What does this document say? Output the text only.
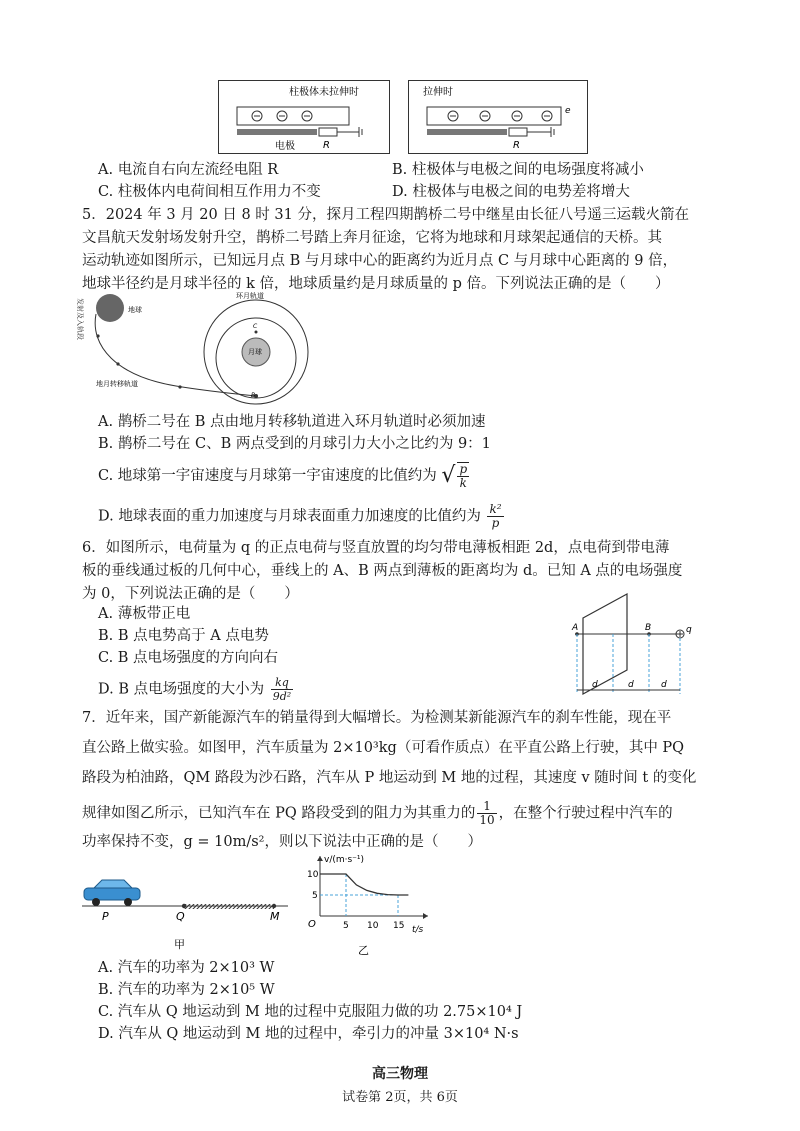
柱极体未拉伸时
电极	R
拉伸时
e
R
A. 电流自右向左流经电阻 R	B. 柱极体与电极之间的电场强度将减小
C. 柱极体内电荷间相互作用力不变	D. 柱极体与电极之间的电势差将增大
5．2024 年 3 月 20 日 8 时 31 分，探月工程四期鹊桥二号中继星由长征八号遥三运载火箭在
文昌航天发射场发射升空，鹊桥二号踏上奔月征途，它将为地球和月球架起通信的天桥。其
运动轨迹如图所示，已知远月点 B 与月球中心的距离约为近月点 C 与月球中心距离的 9 倍，
地球半径约是月球半径的 k 倍，地球质量约是月球质量的 p 倍。下列说法正确的是（　　）
发射及入轨段	地球
地月转移轨道
环月轨道
月球
C
B
A. 鹊桥二号在 B 点由地月转移轨道进入环月轨道时必须加速
B. 鹊桥二号在 C、B 两点受到的月球引力大小之比约为 9：1
C. 地球第一宇宙速度与月球第一宇宙速度的比值约为 √ $\frac{p}{k}$
D. 地球表面的重力加速度与月球表面重力加速度的比值约为 $\frac{\text{k²}}{p}$
6．如图所示，电荷量为 q 的正点电荷与竖直放置的均匀带电薄板相距 2d，点电荷到带电薄
板的垂线通过板的几何中心，垂线上的 A、B 两点到薄板的距离均为 d。已知 A 点的电场强度
为 0，下列说法正确的是（　　）
A. 薄板带正电
B. B 点电势高于 A 点电势
C. B 点电场强度的方向向右
D. B 点电场强度的大小为 $\frac{kq}{\text{9d²}}$
A	B	q
d	d	d
7．近年来，国产新能源汽车的销量得到大幅增长。为检测某新能源汽车的刹车性能，现在平
直公路上做实验。如图甲，汽车质量为 2×10³kg（可看作质点）在平直公路上行驶，其中 PQ
路段为柏油路，QM 路段为沙石路，汽车从 P 地运动到 M 地的过程，其速度 v 随时间 t 的变化
规律如图乙所示，已知汽车在 PQ 路段受到的阻力为其重力的 $\frac{1}{10}$ ，在整个行驶过程中汽车的
功率保持不变，g = 10m/s²，则以下说法中正确的是（　　）
P	Q	M
甲
v/(m·s⁻¹)
t/s
O	5 10 15
5
10
乙
A. 汽车的功率为 2×10³ W
B. 汽车的功率为 2×10⁵ W
C. 汽车从 Q 地运动到 M 地的过程中克服阻力做的功 2.75×10⁴ J
D. 汽车从 Q 地运动到 M 地的过程中，牵引力的冲量 3×10⁴ N·s
高三物理
试卷第 2页，共 6页
